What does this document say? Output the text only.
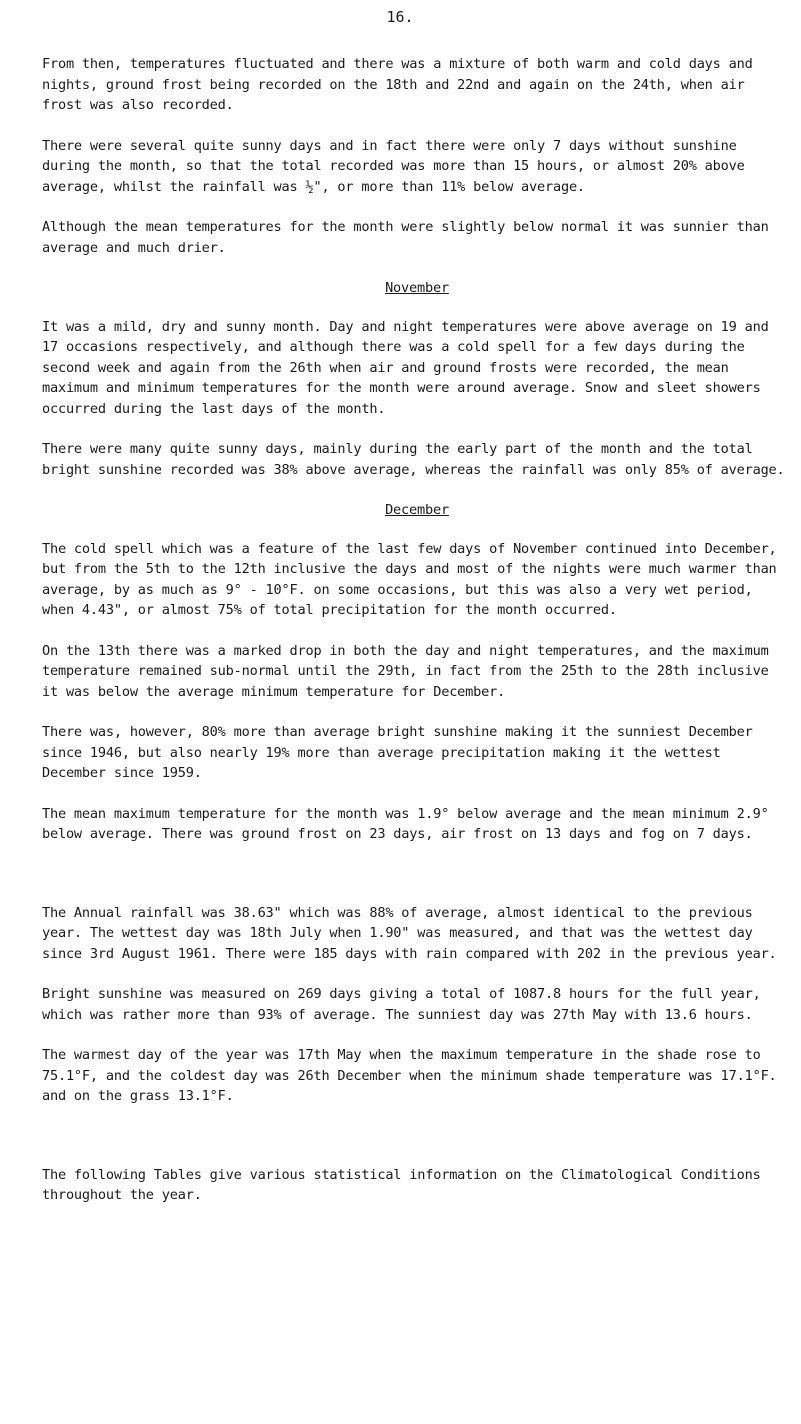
16.

From then, temperatures fluctuated and there was a mixture of both warm and cold days and nights, ground frost being recorded on the 18th and 22nd and again on the 24th, when air frost was also recorded.

There were several quite sunny days and in fact there were only 7 days without sunshine during the month, so that the total recorded was more than 15 hours, or almost 20% above average, whilst the rainfall was ½", or more than 11% below average.

Although the mean temperatures for the month were slightly below normal it was sunnier than average and much drier.

November

It was a mild, dry and sunny month. Day and night temperatures were above average on 19 and 17 occasions respectively, and although there was a cold spell for a few days during the second week and again from the 26th when air and ground frosts were recorded, the mean maximum and minimum temperatures for the month were around average. Snow and sleet showers occurred during the last days of the month.

There were many quite sunny days, mainly during the early part of the month and the total bright sunshine recorded was 38% above average, whereas the rainfall was only 85% of average.

December

The cold spell which was a feature of the last few days of November continued into December, but from the 5th to the 12th inclusive the days and most of the nights were much warmer than average, by as much as 9° - 10°F. on some occasions, but this was also a very wet period, when 4.43", or almost 75% of total precipitation for the month occurred.

On the 13th there was a marked drop in both the day and night temperatures, and the maximum temperature remained sub-normal until the 29th, in fact from the 25th to the 28th inclusive it was below the average minimum temperature for December.

There was, however, 80% more than average bright sunshine making it the sunniest December since 1946, but also nearly 19% more than average precipitation making it the wettest December since 1959.

The mean maximum temperature for the month was 1.9° below average and the mean minimum 2.9° below average. There was ground frost on 23 days, air frost on 13 days and fog on 7 days.

The Annual rainfall was 38.63" which was 88% of average, almost identical to the previous year. The wettest day was 18th July when 1.90" was measured, and that was the wettest day since 3rd August 1961. There were 185 days with rain compared with 202 in the previous year.

Bright sunshine was measured on 269 days giving a total of 1087.8 hours for the full year, which was rather more than 93% of average. The sunniest day was 27th May with 13.6 hours.

The warmest day of the year was 17th May when the maximum temperature in the shade rose to 75.1°F, and the coldest day was 26th December when the minimum shade temperature was 17.1°F. and on the grass 13.1°F.

The following Tables give various statistical information on the Climatological Conditions throughout the year.
